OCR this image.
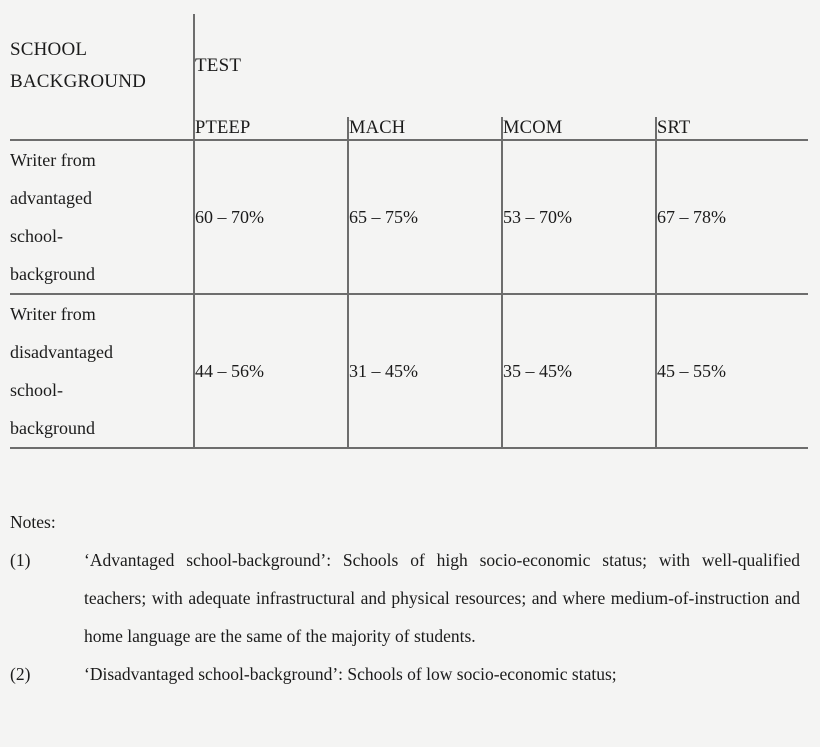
SCHOOL
BACKGROUND	TEST			
	PTEEP	MACH	MCOM	SRT

Writer from
advantaged
school-
background	60 – 70%	65 – 75%	53 – 70%	67 – 78%

Writer from
disadvantaged
school-
background	44 – 56%	31 – 45%	35 – 45%	45 – 55%
Notes:
(1)	‘Advantaged school-background’: Schools of high socio-economic status; with well-qualified teachers; with adequate infrastructural and physical resources; and where medium-of-instruction and home language are the same of the majority of students.
(2)	‘Disadvantaged school-background’: Schools of low socio-economic status;
